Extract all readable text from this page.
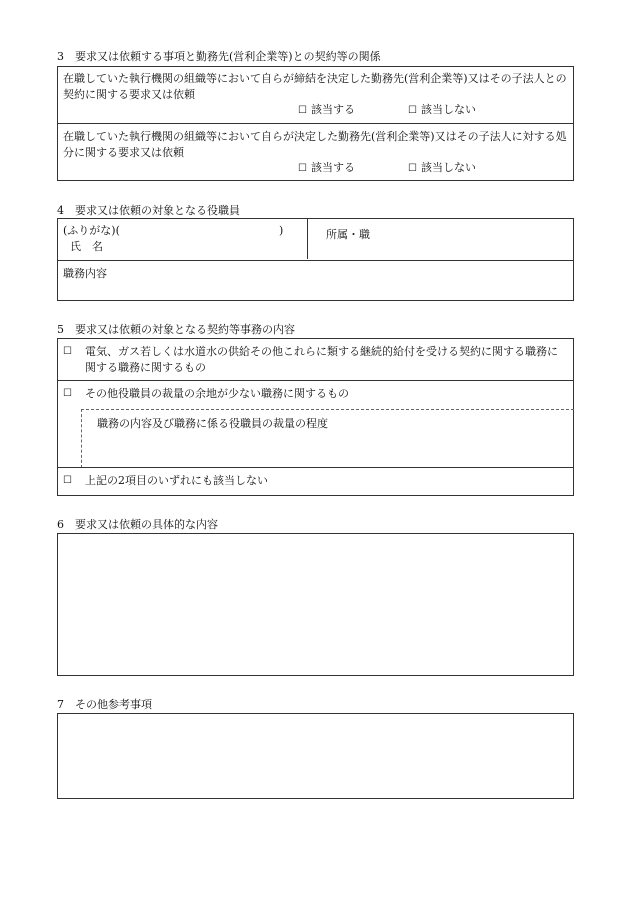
3　要求又は依頼する事項と勤務先(営利企業等)との契約等の関係
在職していた執行機関の組織等において自らが締結を決定した勤務先(営利企業等)又はその子法人との契約に関する要求又は依頼
☐ 該当する	☐ 該当しない
在職していた執行機関の組織等において自らが決定した勤務先(営利企業等)又はその子法人に対する処分に関する要求又は依頼
☐ 該当する	☐ 該当しない
4　要求又は依頼の対象となる役職員
(ふりがな)(	)
氏　名
所属・職
職務内容
5　要求又は依頼の対象となる契約等事務の内容
☐ 電気、ガス若しくは水道水の供給その他これらに類する継続的給付を受ける契約に関する職務に関する職務に関するもの
☐ その他役職員の裁量の余地が少ない職務に関するもの
職務の内容及び職務に係る役職員の裁量の程度
☐ 上記の2項目のいずれにも該当しない
6　要求又は依頼の具体的な内容
7　その他参考事項
